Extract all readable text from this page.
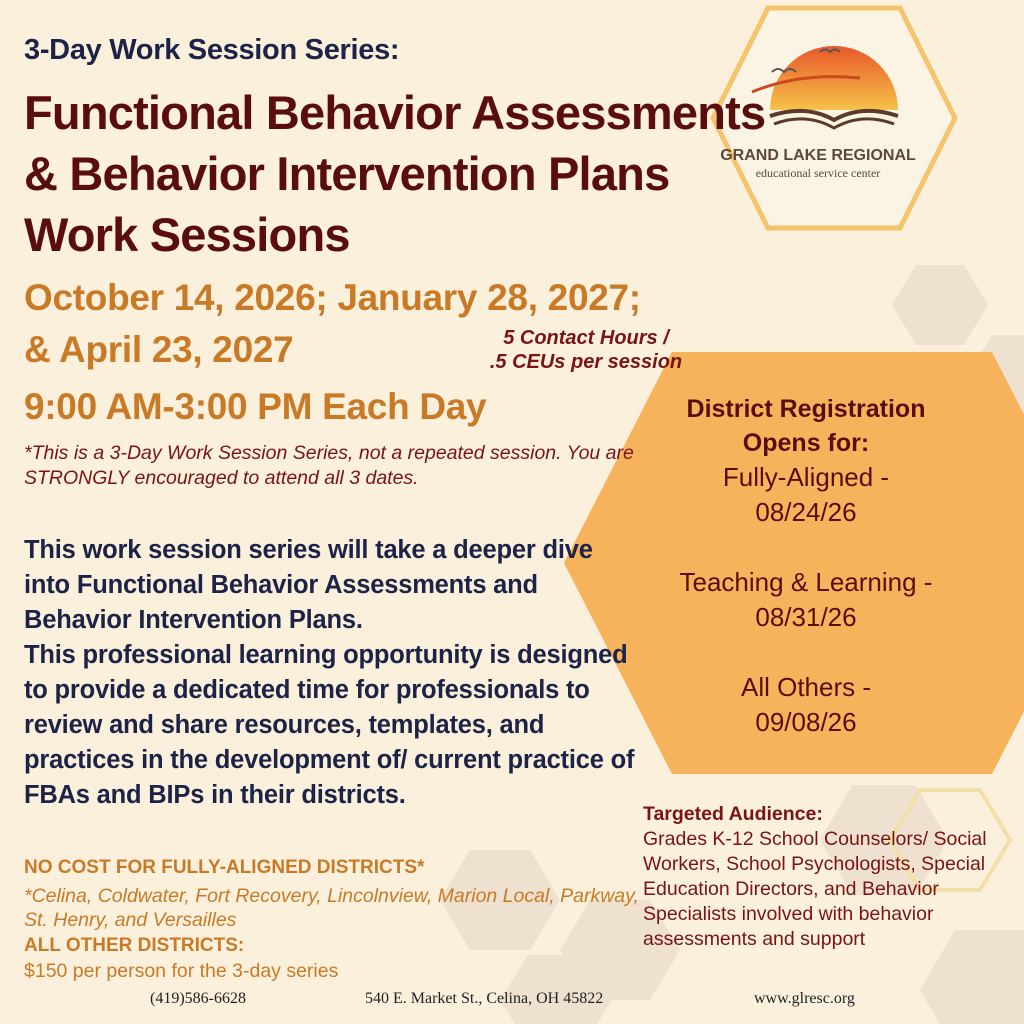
GRAND LAKE REGIONAL
educational service center
3-Day Work Session Series:
Functional Behavior Assessments & Behavior Intervention Plans Work Sessions
October 14, 2026; January 28, 2027;
& April 23, 2027	5 Contact Hours /
.5 CEUs per session
9:00 AM-3:00 PM Each Day
*This is a 3-Day Work Session Series, not a repeated session. You are STRONGLY encouraged to attend all 3 dates.
This work session series will take a deeper dive into Functional Behavior Assessments and Behavior Intervention Plans.
This professional learning opportunity is designed to provide a dedicated time for professionals to review and share resources, templates, and practices in the development of/ current practice of FBAs and BIPs in their districts.
NO COST FOR FULLY-ALIGNED DISTRICTS*
*Celina, Coldwater, Fort Recovery, Lincolnview, Marion Local, Parkway, St. Henry, and Versailles
ALL OTHER DISTRICTS:
$150 per person for the 3-day series
District Registration
Opens for:
Fully-Aligned -
08/24/26
Teaching & Learning -
08/31/26
All Others -
09/08/26
Targeted Audience:
Grades K-12 School Counselors/ Social Workers, School Psychologists, Special Education Directors, and Behavior Specialists involved with behavior assessments and support
(419)586-6628	540 E. Market St., Celina, OH 45822	www.glresc.org
